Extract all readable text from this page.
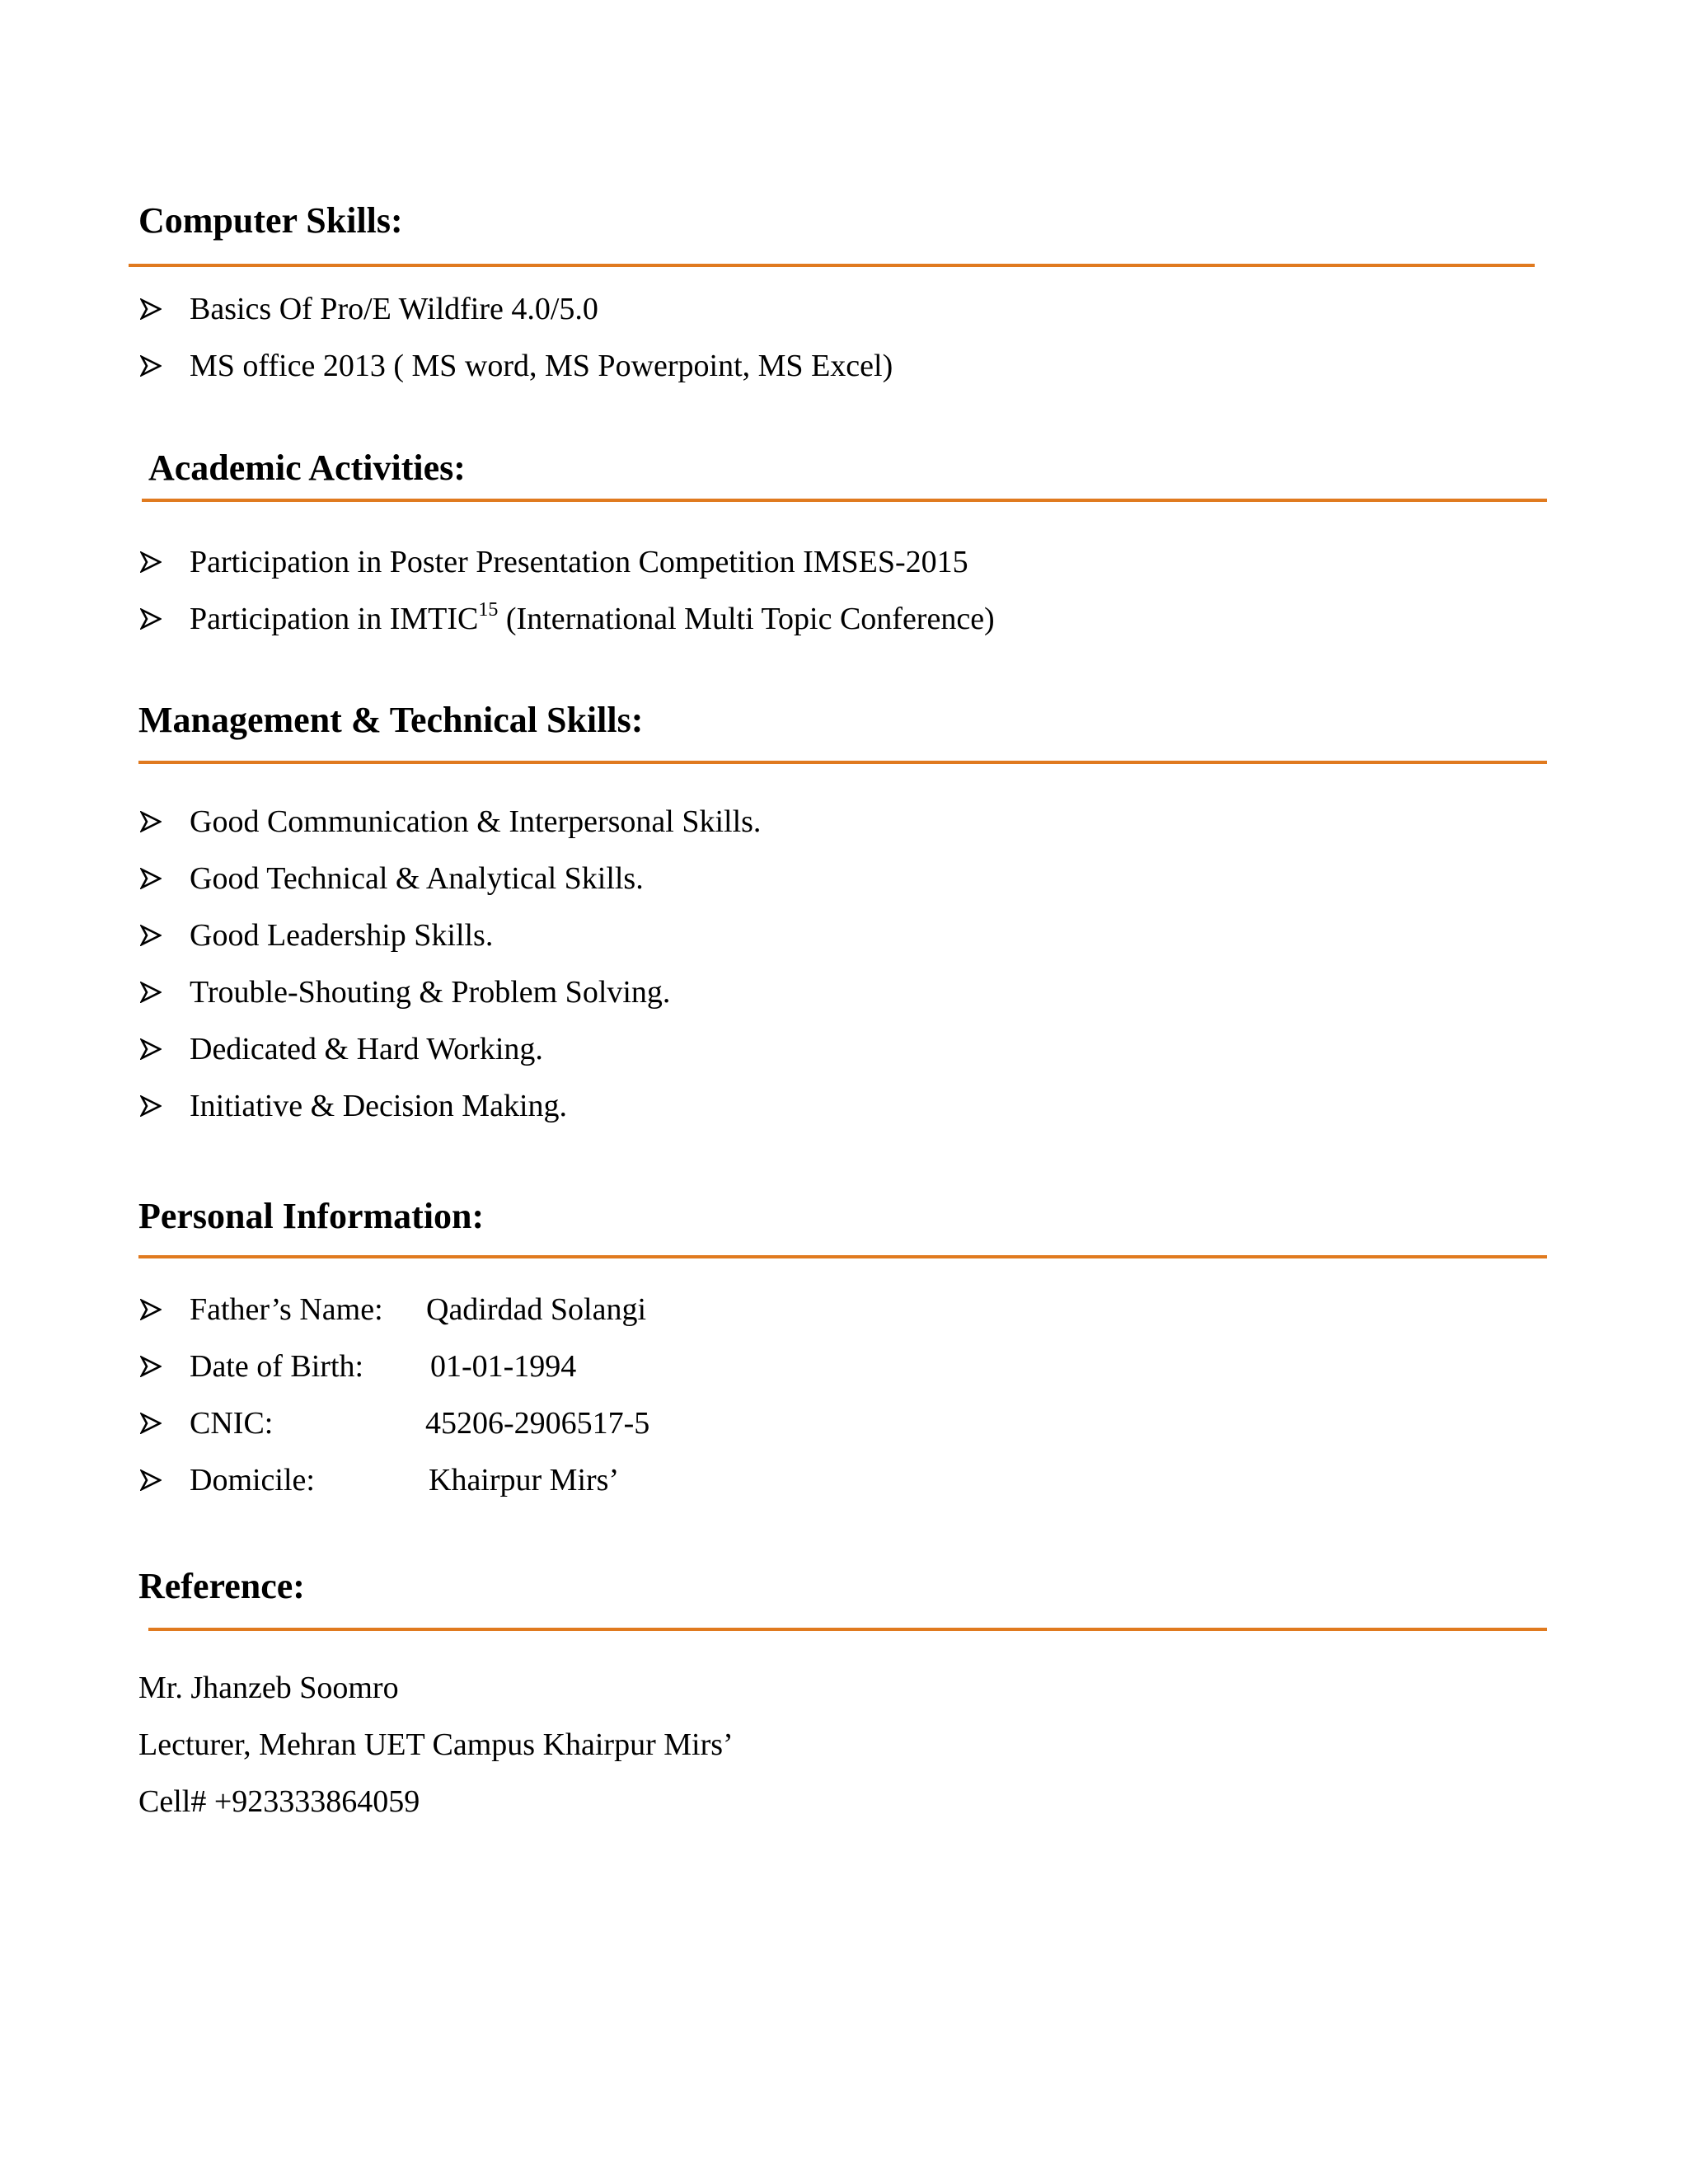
Computer Skills:
Basics Of Pro/E Wildfire 4.0/5.0
MS office 2013 ( MS word, MS Powerpoint, MS Excel)
Academic Activities:
Participation in Poster Presentation Competition IMSES-2015
Participation in IMTIC$^{15}$ (International Multi Topic Conference)
Management & Technical Skills:
Good Communication & Interpersonal Skills.
Good Technical & Analytical Skills.
Good Leadership Skills.
Trouble-Shouting & Problem Solving.
Dedicated & Hard Working.
Initiative & Decision Making.
Personal Information:
Father’s Name: Qadirdad Solangi
Date of Birth: 01-01-1994
CNIC:	45206-2906517-5
Domicile:	Khairpur Mirs’
Reference:
Mr. Jhanzeb Soomro
Lecturer, Mehran UET Campus Khairpur Mirs’
Cell# +923333864059
